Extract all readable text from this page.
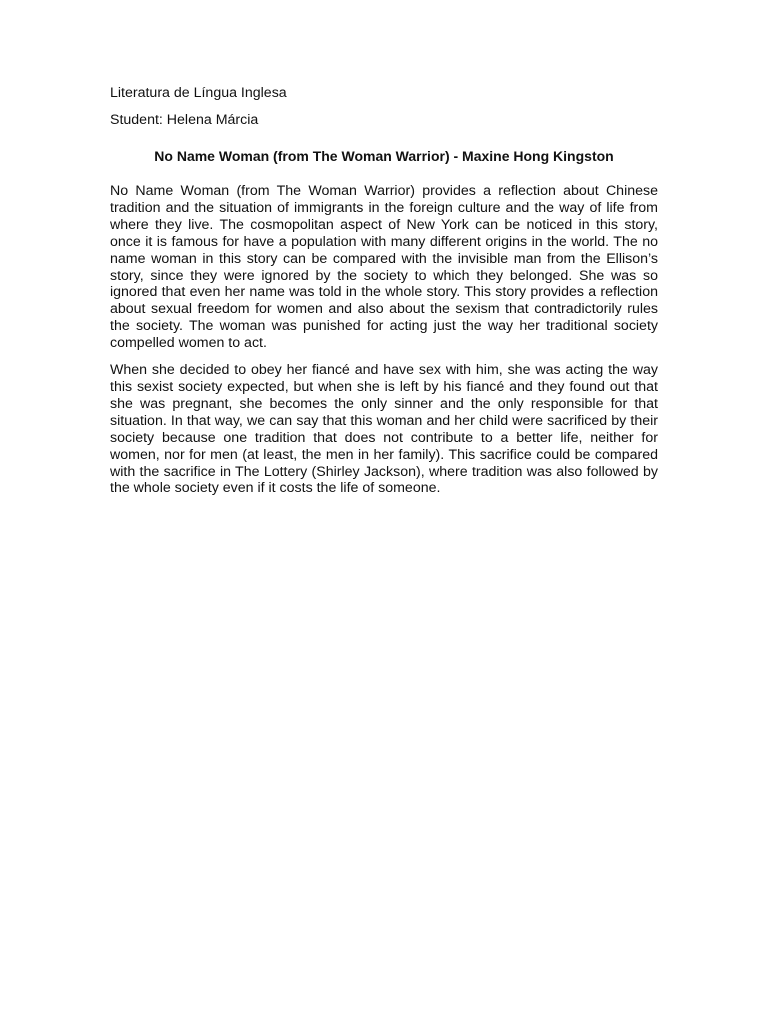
Literatura de Língua Inglesa

Student: Helena Márcia

No Name Woman (from The Woman Warrior) - Maxine Hong Kingston

No Name Woman (from The Woman Warrior) provides a reflection about Chinese tradition and the situation of immigrants in the foreign culture and the way of life from where they live. The cosmopolitan aspect of New York can be noticed in this story, once it is famous for have a population with many different origins in the world. The no name woman in this story can be compared with the invisible man from the Ellison’s story, since they were ignored by the society to which they belonged. She was so ignored that even her name was told in the whole story. This story provides a reflection about sexual freedom for women and also about the sexism that contradictorily rules the society. The woman was punished for acting just the way her traditional society compelled women to act.

When she decided to obey her fiancé and have sex with him, she was acting the way this sexist society expected, but when she is left by his fiancé and they found out that she was pregnant, she becomes the only sinner and the only responsible for that situation. In that way, we can say that this woman and her child were sacrificed by their society because one tradition that does not contribute to a better life, neither for women, nor for men (at least, the men in her family). This sacrifice could be compared with the sacrifice in The Lottery (Shirley Jackson), where tradition was also followed by the whole society even if it costs the life of someone.
